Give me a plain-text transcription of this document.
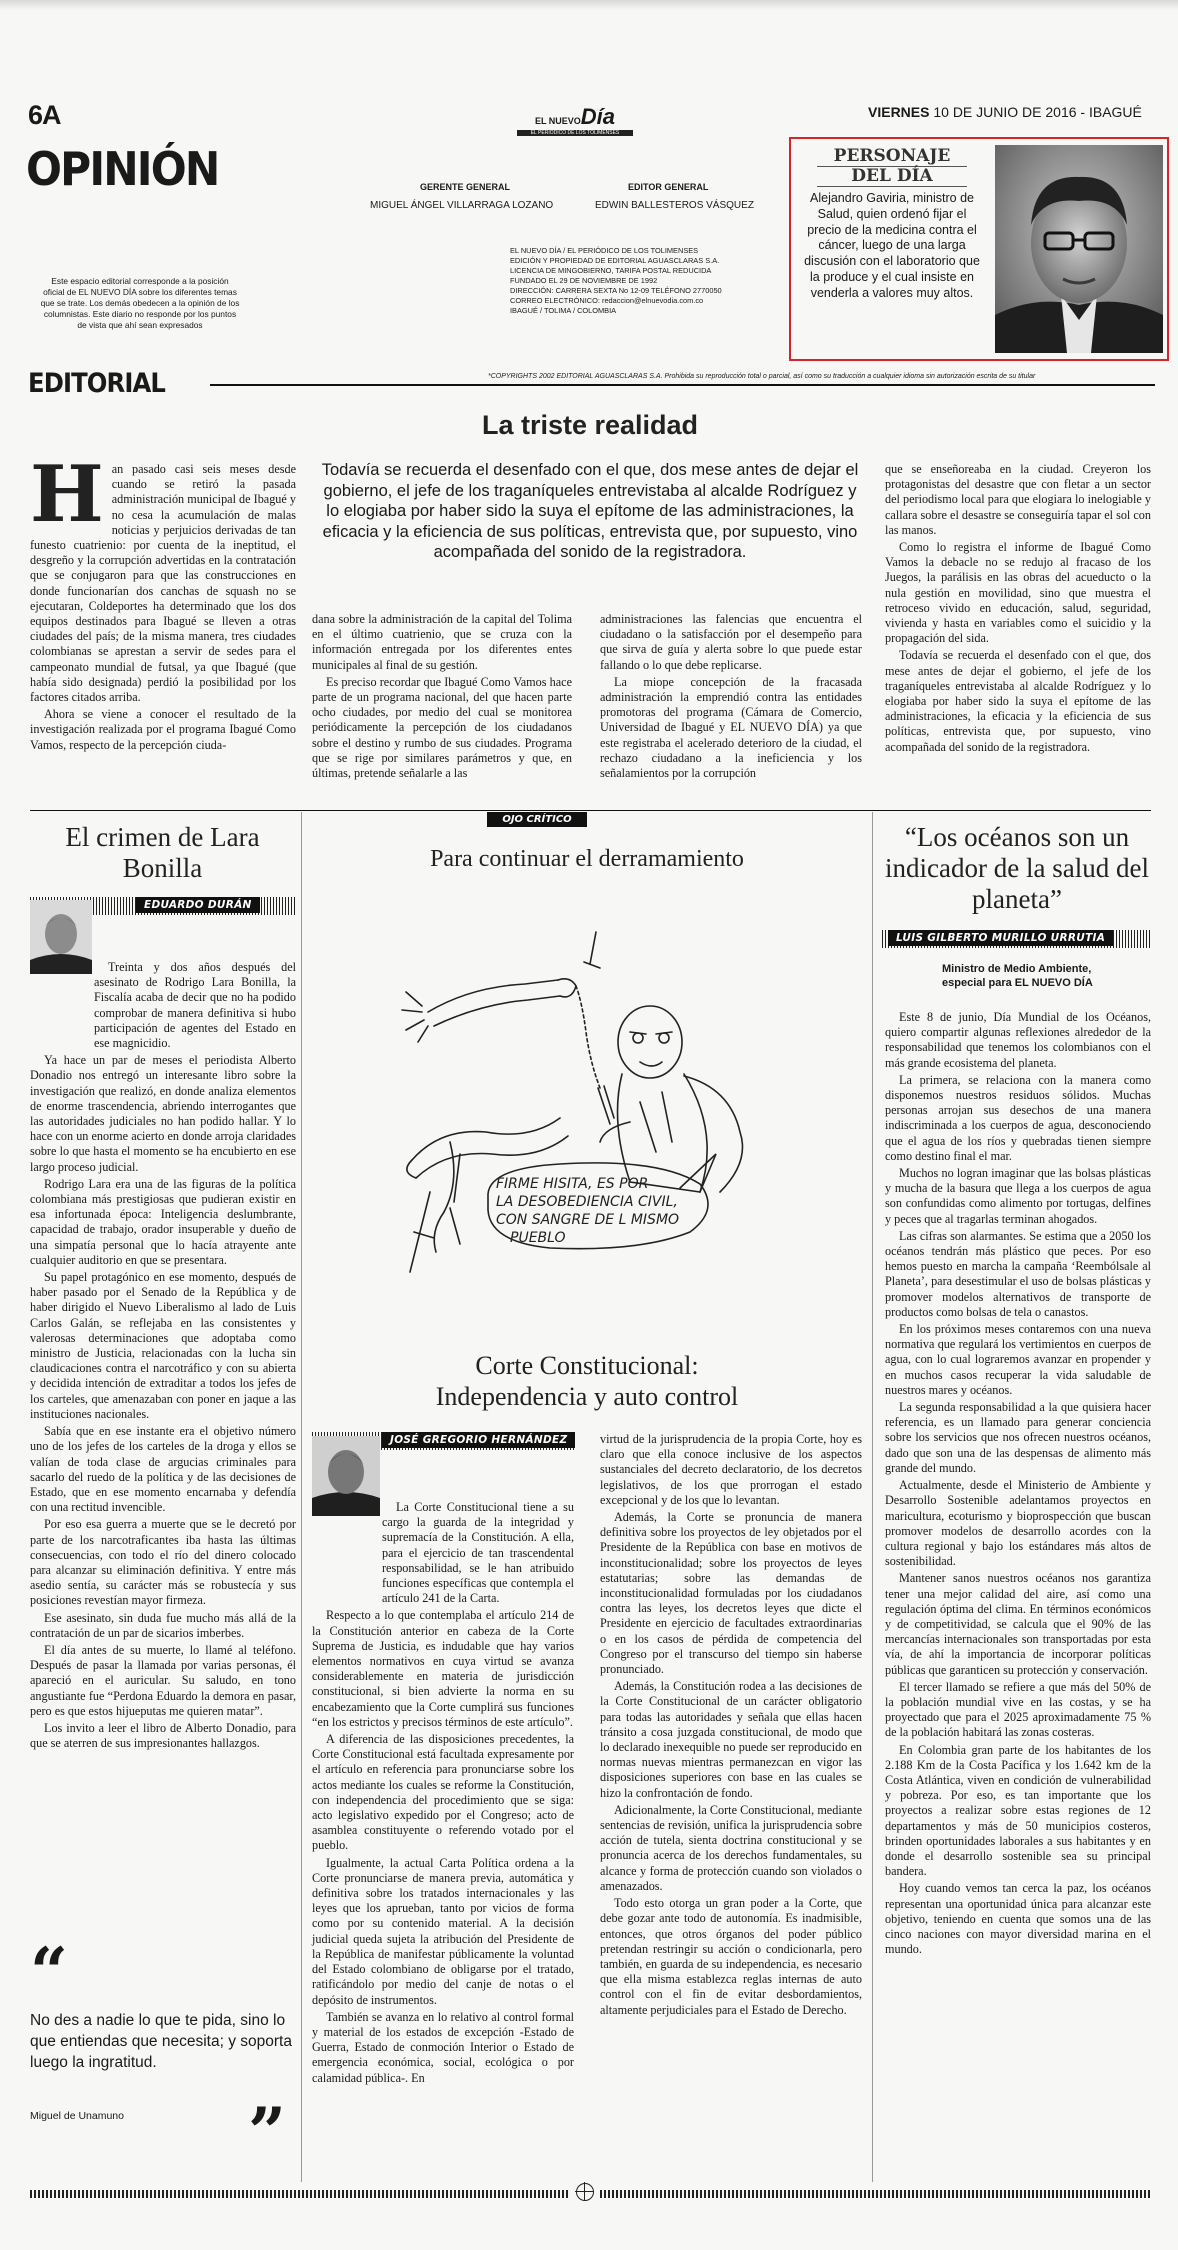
6A
OPINIÓN
EL NUEVODía
EL PERIÓDICO DE LOS TOLIMENSES
VIERNES 10 DE JUNIO DE 2016 - IBAGUÉ
GERENTE GENERAL
MIGUEL ÁNGEL VILLARRAGA LOZANO
EDITOR GENERAL
EDWIN BALLESTEROS VÁSQUEZ
EL NUEVO DÍA / EL PERIÓDICO DE LOS TOLIMENSES
EDICIÓN Y PROPIEDAD DE EDITORIAL AGUASCLARAS S.A.
LICENCIA DE MINGOBIERNO, TARIFA POSTAL REDUCIDA
FUNDADO EL 29 DE NOVIEMBRE DE 1992
DIRECCIÓN: CARRERA SEXTA No 12-09 TELÉFONO 2770050
CORREO ELECTRÓNICO: redaccion@elnuevodia.com.co
IBAGUÉ / TOLIMA / COLOMBIA
Este espacio editorial corresponde a la posición oficial de EL NUEVO DÍA sobre los diferentes temas que se trate. Los demás obedecen a la opinión de los columnistas. Este diario no responde por los puntos de vista que ahí sean expresados
PERSONAJE
DEL DÍA
Alejandro Gaviria, ministro de Salud, quien ordenó fijar el precio de la medicina contra el cáncer, luego de una larga discusión con el laboratorio que la produce y el cual insiste en venderla a valores muy altos.
EDITORIAL	*COPYRIGHTS 2002 EDITORIAL AGUASCLARAS S.A. Prohibida su reproducción total o parcial, así como su traducción a cualquier idioma sin autorización escrita de su titular
La triste realidad
Todavía se recuerda el desenfado con el que, dos mese antes de dejar el gobierno, el jefe de los traganíqueles entrevistaba al alcalde Rodríguez y lo elogiaba por haber sido la suya el epítome de las administraciones, la eficacia y la eficiencia de sus políticas, entrevista que, por supuesto, vino acompañada del sonido de la registradora.

Han pasado casi seis meses desde cuando se retiró la pasada administración municipal de Ibagué y no cesa la acumulación de malas noticias y perjuicios derivadas de tan funesto cuatrienio: por cuenta de la ineptitud, el desgreño y la corrupción advertidas en la contratación que se conjugaron para que las construcciones en donde funcionarían dos canchas de squash no se ejecutaran, Coldeportes ha determinado que los dos equipos destinados para Ibagué se lleven a otras ciudades del país; de la misma manera, tres ciudades colombianas se aprestan a servir de sedes para el campeonato mundial de futsal, ya que Ibagué (que había sido designada) perdió la posibilidad por los factores citados arriba.

Ahora se viene a conocer el resultado de la investigación realizada por el programa Ibagué Como Vamos, respecto de la percepción ciuda-

dana sobre la administración de la capital del Tolima en el último cuatrienio, que se cruza con la información entregada por los diferentes entes municipales al final de su gestión.

Es preciso recordar que Ibagué Como Vamos hace parte de un programa nacional, del que hacen parte ocho ciudades, por medio del cual se monitorea periódicamente la percepción de los ciudadanos sobre el destino y rumbo de sus ciudades. Programa que se rige por similares parámetros y que, en últimas, pretende señalarle a las

administraciones las falencias que encuentra el ciudadano o la satisfacción por el desempeño para que sirva de guía y alerta sobre lo que puede estar fallando o lo que debe replicarse.

La miope concepción de la fracasada administración la emprendió contra las entidades promotoras del programa (Cámara de Comercio, Universidad de Ibagué y EL NUEVO DÍA) ya que este registraba el acelerado deterioro de la ciudad, el rechazo ciudadano a la ineficiencia y los señalamientos por la corrupción

que se enseñoreaba en la ciudad. Creyeron los protagonistas del desastre que con fletar a un sector del periodismo local para que elogiara lo inelogiable y callara sobre el desastre se conseguiría tapar el sol con las manos.

Como lo registra el informe de Ibagué Como Vamos la debacle no se redujo al fracaso de los Juegos, la parálisis en las obras del acueducto o la nula gestión en movilidad, sino que muestra el retroceso vivido en educación, salud, seguridad, vivienda y hasta en variables como el suicidio y la propagación del sida.

Todavía se recuerda el desenfado con el que, dos mese antes de dejar el gobierno, el jefe de los traganíqueles entrevistaba al alcalde Rodríguez y lo elogiaba por haber sido la suya el epítome de las administraciones, la eficacia y la eficiencia de sus políticas, entrevista que, por supuesto, vino acompañada del sonido de la registradora.

El crimen de Lara Bonilla
EDUARDO DURÁN

Treinta y dos años después del asesinato de Rodrigo Lara Bonilla, la Fiscalía acaba de decir que no ha podido comprobar de manera definitiva si hubo participación de agentes del Estado en ese magnicidio.

Ya hace un par de meses el periodista Alberto Donadio nos entregó un interesante libro sobre la investigación que realizó, en donde analiza elementos de enorme trascendencia, abriendo interrogantes que las autoridades judiciales no han podido hallar. Y lo hace con un enorme acierto en donde arroja claridades sobre lo que hasta el momento se ha encubierto en ese largo proceso judicial.

Rodrigo Lara era una de las figuras de la política colombiana más prestigiosas que pudieran existir en esa infortunada época: Inteligencia deslumbrante, capacidad de trabajo, orador insuperable y dueño de una simpatía personal que lo hacía atrayente ante cualquier auditorio en que se presentara.

Su papel protagónico en ese momento, después de haber pasado por el Senado de la República y de haber dirigido el Nuevo Liberalismo al lado de Luis Carlos Galán, se reflejaba en las consistentes y valerosas determinaciones que adoptaba como ministro de Justicia, relacionadas con la lucha sin claudicaciones contra el narcotráfico y con su abierta y decidida intención de extraditar a todos los jefes de los carteles, que amenazaban con poner en jaque a las instituciones nacionales.

Sabía que en ese instante era el objetivo número uno de los jefes de los carteles de la droga y ellos se valían de toda clase de argucias criminales para sacarlo del ruedo de la política y de las decisiones de Estado, que en ese momento encarnaba y defendía con una rectitud invencible.

Por eso esa guerra a muerte que se le decretó por parte de los narcotraficantes iba hasta las últimas consecuencias, con todo el río del dinero colocado para alcanzar su eliminación definitiva. Y entre más asedio sentía, su carácter más se robustecía y sus posiciones revestían mayor firmeza.

Ese asesinato, sin duda fue mucho más allá de la contratación de un par de sicarios imberbes.

El día antes de su muerte, lo llamé al teléfono. Después de pasar la llamada por varias personas, él apareció en el auricular. Su saludo, en tono angustiante fue “Perdona Eduardo la demora en pasar, pero es que estos hijueputas me quieren matar”.

Los invito a leer el libro de Alberto Donadio, para que se aterren de sus impresionantes hallazgos.

“
No des a nadie lo que te pida, sino lo que entiendas que necesita; y soporta luego la ingratitud.
Miguel de Unamuno ”
OJO CRÍTICO
Para continuar el derramamiento
FIRME HISITA, ES POR
LA DESOBEDIENCIA CIVIL,
CON SANGRE DE L MISMO
PUEBLO
Corte Constitucional:
Independencia y auto control
JOSÉ GREGORIO HERNÁNDEZ

La Corte Constitucional tiene a su cargo la guarda de la integridad y supremacía de la Constitución. A ella, para el ejercicio de tan trascendental responsabilidad, se le han atribuido funciones específicas que contempla el artículo 241 de la Carta.

Respecto a lo que contemplaba el artículo 214 de la Constitución anterior en cabeza de la Corte Suprema de Justicia, es indudable que hay varios elementos normativos en cuya virtud se avanza considerablemente en materia de jurisdicción constitucional, si bien advierte la norma en su encabezamiento que la Corte cumplirá sus funciones “en los estrictos y precisos términos de este artículo”.

A diferencia de las disposiciones precedentes, la Corte Constitucional está facultada expresamente por el artículo en referencia para pronunciarse sobre los actos mediante los cuales se reforme la Constitución, con independencia del procedimiento que se siga: acto legislativo expedido por el Congreso; acto de asamblea constituyente o referendo votado por el pueblo.

Igualmente, la actual Carta Política ordena a la Corte pronunciarse de manera previa, automática y definitiva sobre los tratados internacionales y las leyes que los aprueban, tanto por vicios de forma como por su contenido material. A la decisión judicial queda sujeta la atribución del Presidente de la República de manifestar públicamente la voluntad del Estado colombiano de obligarse por el tratado, ratificándolo por medio del canje de notas o el depósito de instrumentos.

También se avanza en lo relativo al control formal y material de los estados de excepción -Estado de Guerra, Estado de conmoción Interior o Estado de emergencia económica, social, ecológica o por calamidad pública-. En

virtud de la jurisprudencia de la propia Corte, hoy es claro que ella conoce inclusive de los aspectos sustanciales del decreto declaratorio, de los decretos legislativos, de los que prorrogan el estado excepcional y de los que lo levantan.

Además, la Corte se pronuncia de manera definitiva sobre los proyectos de ley objetados por el Presidente de la República con base en motivos de inconstitucionalidad; sobre los proyectos de leyes estatutarias; sobre las demandas de inconstitucionalidad formuladas por los ciudadanos contra las leyes, los decretos leyes que dicte el Presidente en ejercicio de facultades extraordinarias o en los casos de pérdida de competencia del Congreso por el transcurso del tiempo sin haberse pronunciado.

Además, la Constitución rodea a las decisiones de la Corte Constitucional de un carácter obligatorio para todas las autoridades y señala que ellas hacen tránsito a cosa juzgada constitucional, de modo que lo declarado inexequible no puede ser reproducido en normas nuevas mientras permanezcan en vigor las disposiciones superiores con base en las cuales se hizo la confrontación de fondo.

Adicionalmente, la Corte Constitucional, mediante sentencias de revisión, unifica la jurisprudencia sobre acción de tutela, sienta doctrina constitucional y se pronuncia acerca de los derechos fundamentales, su alcance y forma de protección cuando son violados o amenazados.

Todo esto otorga un gran poder a la Corte, que debe gozar ante todo de autonomía. Es inadmisible, entonces, que otros órganos del poder público pretendan restringir su acción o condicionarla, pero también, en guarda de su independencia, es necesario que ella misma establezca reglas internas de auto control con el fin de evitar desbordamientos, altamente perjudiciales para el Estado de Derecho.

“Los océanos son un indicador de la salud del planeta”
LUIS GILBERTO MURILLO URRUTIA
Ministro de Medio Ambiente,
especial para EL NUEVO DÍA

Este 8 de junio, Día Mundial de los Océanos, quiero compartir algunas reflexiones alrededor de la responsabilidad que tenemos los colombianos con el más grande ecosistema del planeta.

La primera, se relaciona con la manera como disponemos nuestros residuos sólidos. Muchas personas arrojan sus desechos de una manera indiscriminada a los cuerpos de agua, desconociendo que el agua de los ríos y quebradas tienen siempre como destino final el mar.

Muchos no logran imaginar que las bolsas plásticas y mucha de la basura que llega a los cuerpos de agua son confundidas como alimento por tortugas, delfines y peces que al tragarlas terminan ahogados.

Las cifras son alarmantes. Se estima que a 2050 los océanos tendrán más plástico que peces. Por eso hemos puesto en marcha la campaña ‘Reembólsale al Planeta’, para desestimular el uso de bolsas plásticas y promover modelos alternativos de transporte de productos como bolsas de tela o canastos.

En los próximos meses contaremos con una nueva normativa que regulará los vertimientos en cuerpos de agua, con lo cual lograremos avanzar en propender y en muchos casos recuperar la vida saludable de nuestros mares y océanos.

La segunda responsabilidad a la que quisiera hacer referencia, es un llamado para generar conciencia sobre los servicios que nos ofrecen nuestros océanos, dado que son una de las despensas de alimento más grande del mundo.

Actualmente, desde el Ministerio de Ambiente y Desarrollo Sostenible adelantamos proyectos en maricultura, ecoturismo y bioprospección que buscan promover modelos de desarrollo acordes con la cultura regional y bajo los estándares más altos de sostenibilidad.

Mantener sanos nuestros océanos nos garantiza tener una mejor calidad del aire, así como una regulación óptima del clima. En términos económicos y de competitividad, se calcula que el 90% de las mercancías internacionales son transportadas por esta vía, de ahí la importancia de incorporar políticas públicas que garanticen su protección y conservación.

El tercer llamado se refiere a que más del 50% de la población mundial vive en las costas, y se ha proyectado que para el 2025 aproximadamente 75 % de la población habitará las zonas costeras.

En Colombia gran parte de los habitantes de los 2.188 Km de la Costa Pacífica y los 1.642 km de la Costa Atlántica, viven en condición de vulnerabilidad y pobreza. Por eso, es tan importante que los proyectos a realizar sobre estas regiones de 12 departamentos y más de 50 municipios costeros, brinden oportunidades laborales a sus habitantes y en donde el desarrollo sostenible sea su principal bandera.

Hoy cuando vemos tan cerca la paz, los océanos representan una oportunidad única para alcanzar este objetivo, teniendo en cuenta que somos una de las cinco naciones con mayor diversidad marina en el mundo.
